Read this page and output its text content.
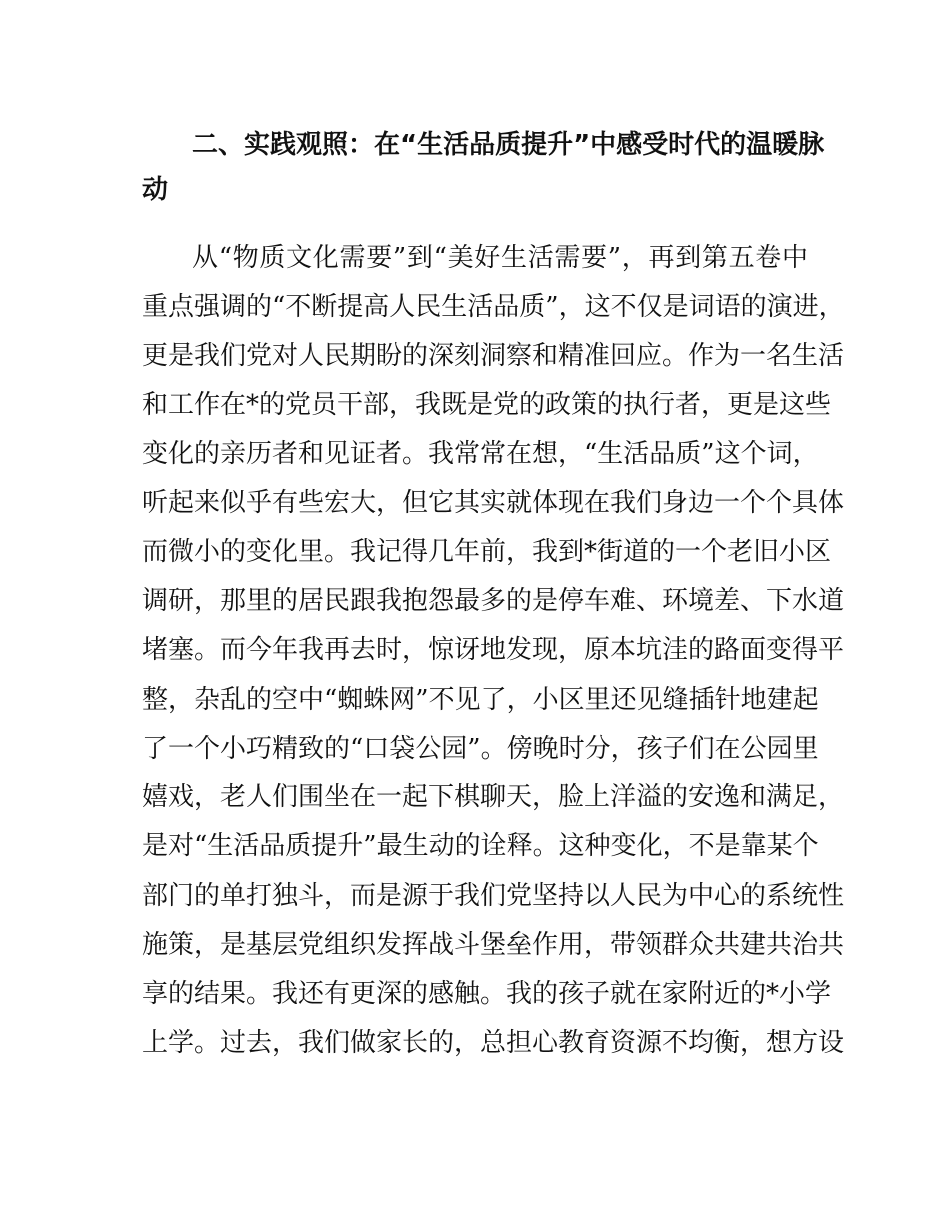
二、实践观照：在“生活品质提升”中感受时代的温暖脉
动
从“物质文化需要”到“美好生活需要”，再到第五卷中
重点强调的“不断提高人民生活品质”，这不仅是词语的演进，
更是我们党对人民期盼的深刻洞察和精准回应。作为一名生活
和工作在*的党员干部，我既是党的政策的执行者，更是这些
变化的亲历者和见证者。我常常在想，“生活品质”这个词，
听起来似乎有些宏大，但它其实就体现在我们身边一个个具体
而微小的变化里。我记得几年前，我到*街道的一个老旧小区
调研，那里的居民跟我抱怨最多的是停车难、环境差、下水道
堵塞。而今年我再去时，惊讶地发现，原本坑洼的路面变得平
整，杂乱的空中“蜘蛛网”不见了，小区里还见缝插针地建起
了一个小巧精致的“口袋公园”。傍晚时分，孩子们在公园里
嬉戏，老人们围坐在一起下棋聊天，脸上洋溢的安逸和满足，
是对“生活品质提升”最生动的诠释。这种变化，不是靠某个
部门的单打独斗，而是源于我们党坚持以人民为中心的系统性
施策，是基层党组织发挥战斗堡垒作用，带领群众共建共治共
享的结果。我还有更深的感触。我的孩子就在家附近的*小学
上学。过去，我们做家长的，总担心教育资源不均衡，想方设
